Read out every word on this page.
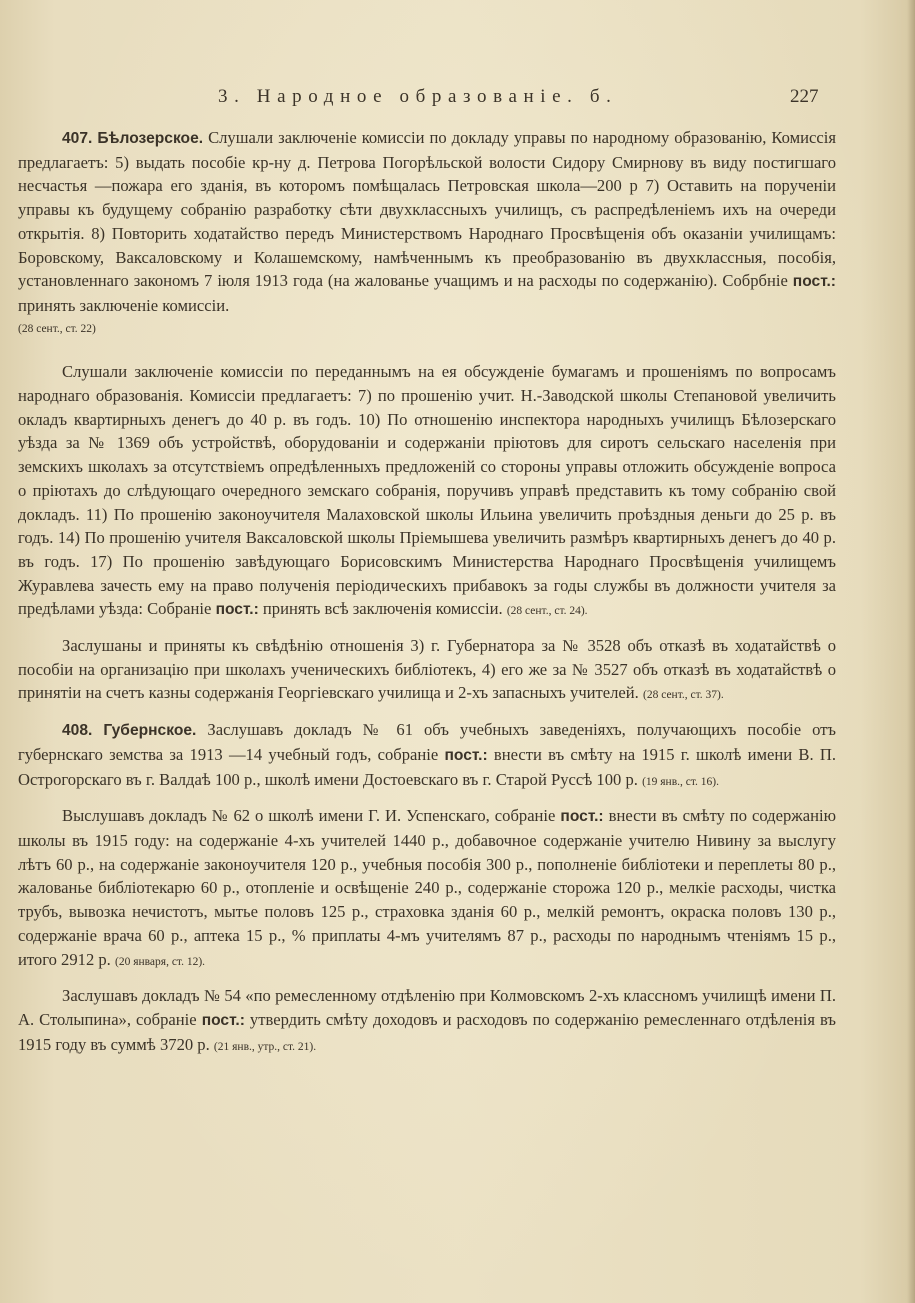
3. Народное образованіе. б.	227

407. Бѣлозерское. Слушали заключеніе комиссіи по докладу управы по народному образованію, Комиссія предлагаетъ: 5) выдать пособіе кр-ну д. Петрова Погорѣльской волости Сидору Смирнову въ виду постигшаго несчастья —пожара его зданія, въ которомъ помѣщалась Петровская школа—200 р 7) Оставить на порученіи управы къ будущему собранію разработку сѣти двухклассныхъ училищъ, съ распредѣленіемъ ихъ на очереди открытія. 8) Повторить ходатайство передъ Министерствомъ Народнаго Просвѣщенія объ оказаніи училищамъ: Боровскому, Ваксаловскому и Колашемскому, намѣченнымъ къ преобразованію въ двухклассныя, пособія, установленнаго закономъ 7 іюля 1913 года (на жалованье учащимъ и на расходы по содержанію). Собрбніе пост.: принять заключеніе комиссіи.
(28 сент., ст. 22)

Слушали заключеніе комиссіи по переданнымъ на ея обсужденіе бумагамъ и прошеніямъ по вопросамъ народнаго образованія. Комиссіи предлагаетъ: 7) по прошенію учит. Н.-Заводской школы Степановой увеличить окладъ квартирныхъ денегъ до 40 р. въ годъ. 10) По отношенію инспектора народныхъ училищъ Бѣлозерскаго уѣзда за № 1369 объ устройствѣ, оборудованіи и содержаніи пріютовъ для сиротъ сельскаго населенія при земскихъ школахъ за отсутствіемъ опредѣленныхъ предложеній со стороны управы отложить обсужденіе вопроса о пріютахъ до слѣдующаго очередного земскаго собранія, поручивъ управѣ представить къ тому собранію свой докладъ. 11) По прошенію законоучителя Малаховской школы Ильина увеличить проѣздныя деньги до 25 р. въ годъ. 14) По прошенію учителя Ваксаловской школы Пріемышева увеличить размѣръ квартирныхъ денегъ до 40 р. въ годъ. 17) По прошенію завѣдующаго Борисовскимъ Министерства Народнаго Просвѣщенія училищемъ Журавлева зачесть ему на право полученія періодическихъ прибавокъ за годы службы въ должности учителя за предѣлами уѣзда: Собраніе пост.: принять всѣ заключенія комиссіи. (28 сент., ст. 24).

Заслушаны и приняты къ свѣдѣнію отношенія 3) г. Губернатора за № 3528 объ отказѣ въ ходатайствѣ о пособіи на организацію при школахъ ученическихъ библіотекъ, 4) его же за № 3527 объ отказѣ въ ходатайствѣ о принятіи на счетъ казны содержанія Георгіевскаго училища и 2-хъ запасныхъ учителей. (28 сент., ст. 37).

408. Губернское. Заслушавъ докладъ № 61 объ учебныхъ заведеніяхъ, получающихъ пособіе отъ губернскаго земства за 1913 —14 учебный годъ, собраніе пост.: внести въ смѣту на 1915 г. школѣ имени В. П. Острогорскаго въ г. Валдаѣ 100 р., школѣ имени Достоевскаго въ г. Старой Руссѣ 100 р. (19 янв., ст. 16).

Выслушавъ докладъ № 62 о школѣ имени Г. И. Успенскаго, собраніе пост.: внести въ смѣту по содержанію школы въ 1915 году: на содержаніе 4-хъ учителей 1440 р., добавочное содержаніе учителю Нивину за выслугу лѣтъ 60 р., на содержаніе законоучителя 120 р., учебныя пособія 300 р., пополненіе библіотеки и переплеты 80 р., жалованье библіотекарю 60 р., отопленіе и освѣщеніе 240 р., содержаніе сторожа 120 р., мелкіе расходы, чистка трубъ, вывозка нечистотъ, мытье половъ 125 р., страховка зданія 60 р., мелкій ремонтъ, окраска половъ 130 р., содержаніе врача 60 р., аптека 15 р., % приплаты 4-мъ учителямъ 87 р., расходы по народнымъ чтеніямъ 15 р., итого 2912 р. (20 января, ст. 12).

Заслушавъ докладъ № 54 «по ремесленному отдѣленію при Колмовскомъ 2-хъ классномъ училищѣ имени П. А. Столыпина», собраніе пост.: утвердить смѣту доходовъ и расходовъ по содержанію ремесленнаго отдѣленія въ 1915 году въ суммѣ 3720 р. (21 янв., утр., ст. 21).
